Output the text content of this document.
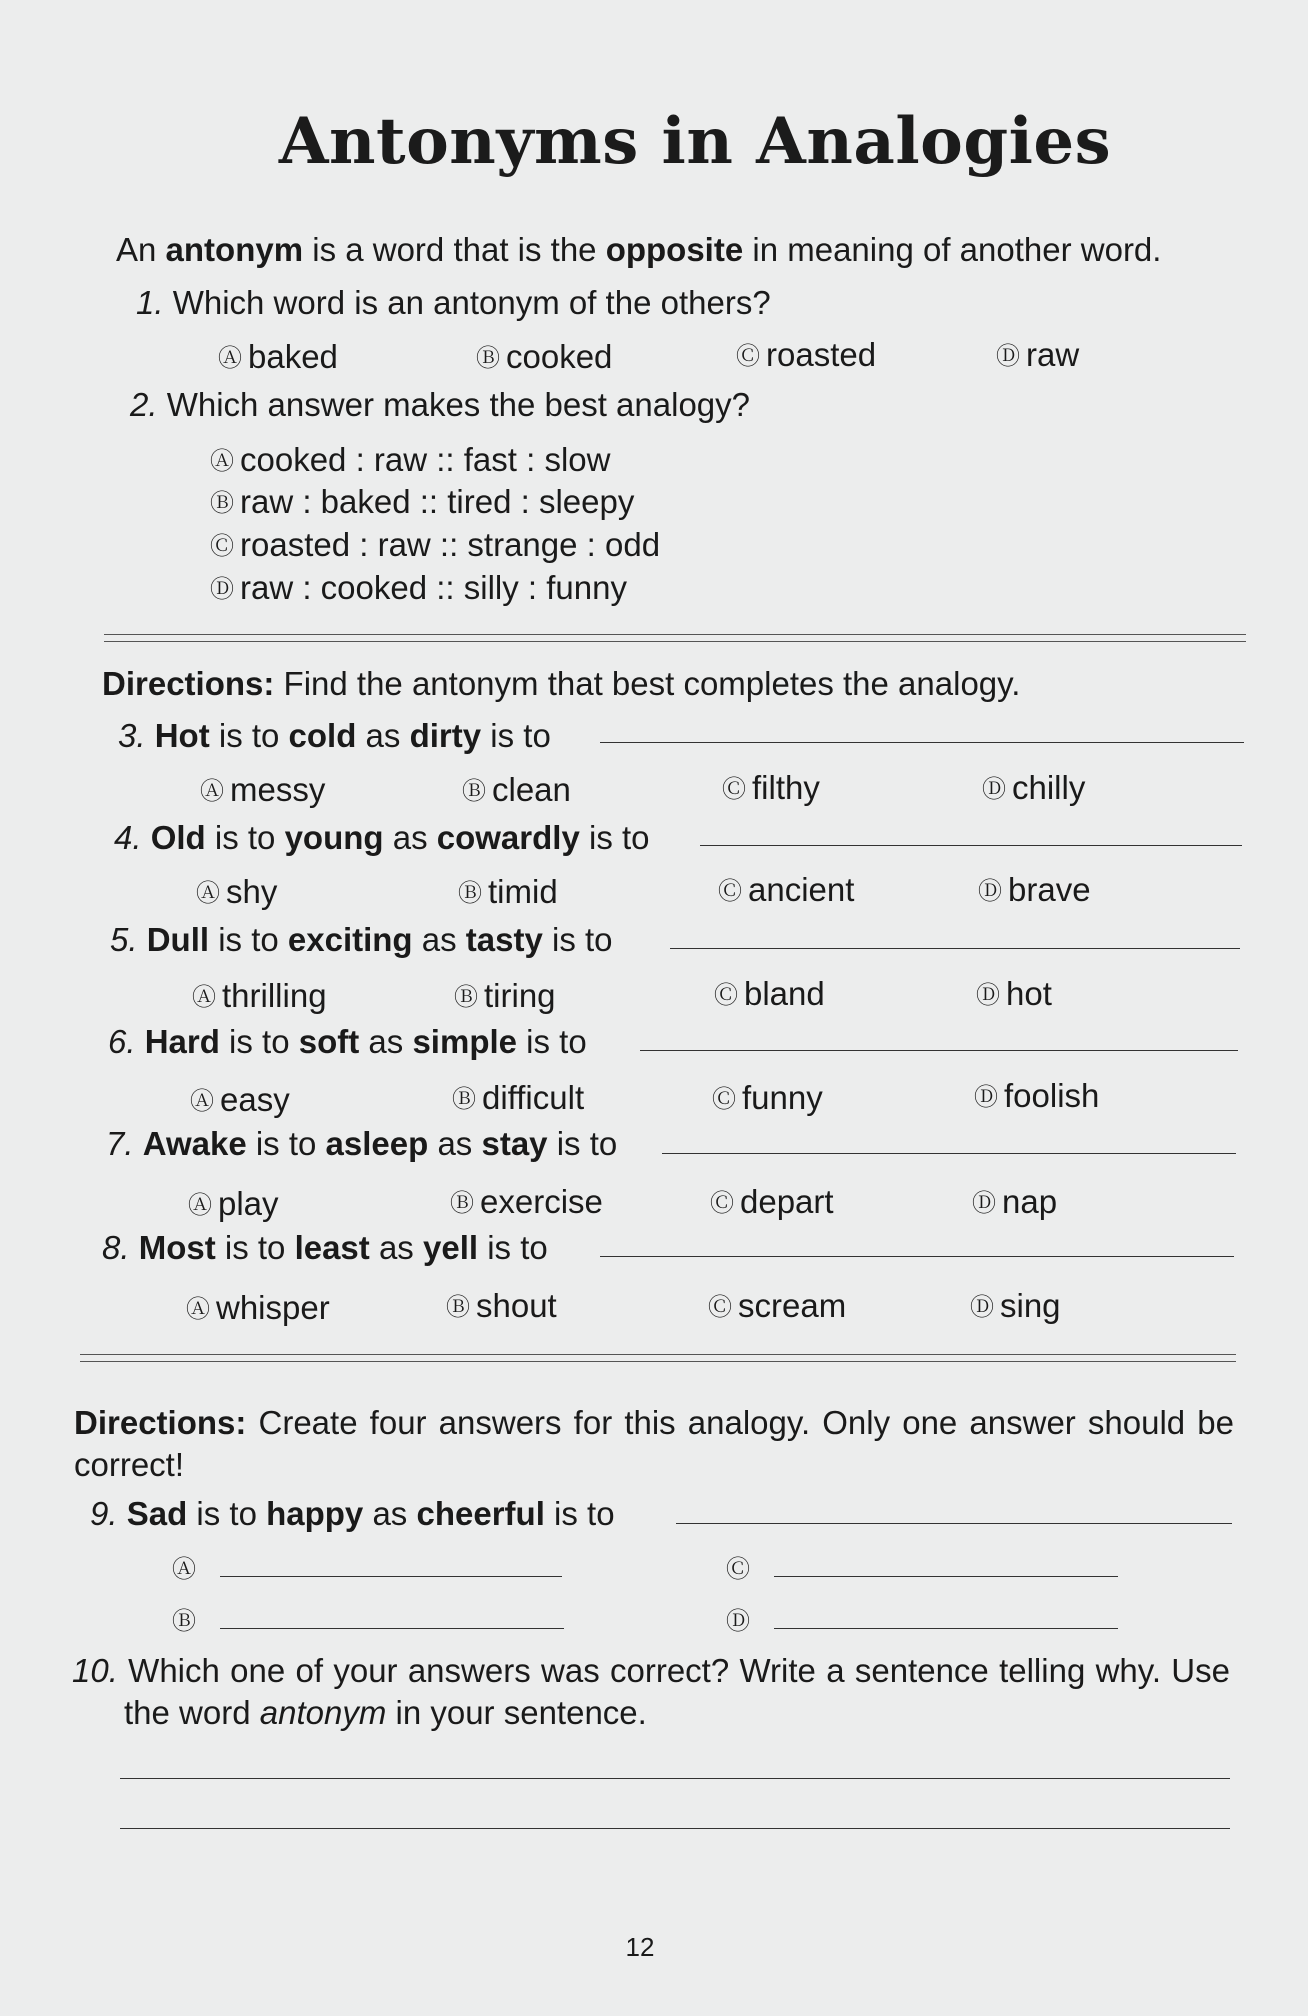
Antonyms in Analogies
An antonym is a word that is the opposite in meaning of another word.
1. Which word is an antonym of the others?
Ⓐ baked	Ⓑ cooked	Ⓒ roasted	Ⓓ raw
2. Which answer makes the best analogy?
Ⓐ cooked : raw :: fast : slow
Ⓑ raw : baked :: tired : sleepy
Ⓒ roasted : raw :: strange : odd
Ⓓ raw : cooked :: silly : funny
Directions: Find the antonym that best completes the analogy.
3. Hot is to cold as dirty is to
Ⓐ messy	Ⓑ clean	Ⓒ filthy	Ⓓ chilly
4. Old is to young as cowardly is to
Ⓐ shy	Ⓑ timid	Ⓒ ancient	Ⓓ brave
5. Dull is to exciting as tasty is to
Ⓐ thrilling	Ⓑ tiring	Ⓒ bland	Ⓓ hot
6. Hard is to soft as simple is to
Ⓐ easy	Ⓑ difficult	Ⓒ funny	Ⓓ foolish
7. Awake is to asleep as stay is to
Ⓐ play	Ⓑ exercise	Ⓒ depart	Ⓓ nap
8. Most is to least as yell is to
Ⓐ whisper	Ⓑ shout	Ⓒ scream	Ⓓ sing
Directions: Create four answers for this analogy. Only one answer should be correct!
9. Sad is to happy as cheerful is to
Ⓐ	Ⓒ
Ⓑ	Ⓓ
10. Which one of your answers was correct? Write a sentence telling why. Use the word antonym in your sentence.
12
